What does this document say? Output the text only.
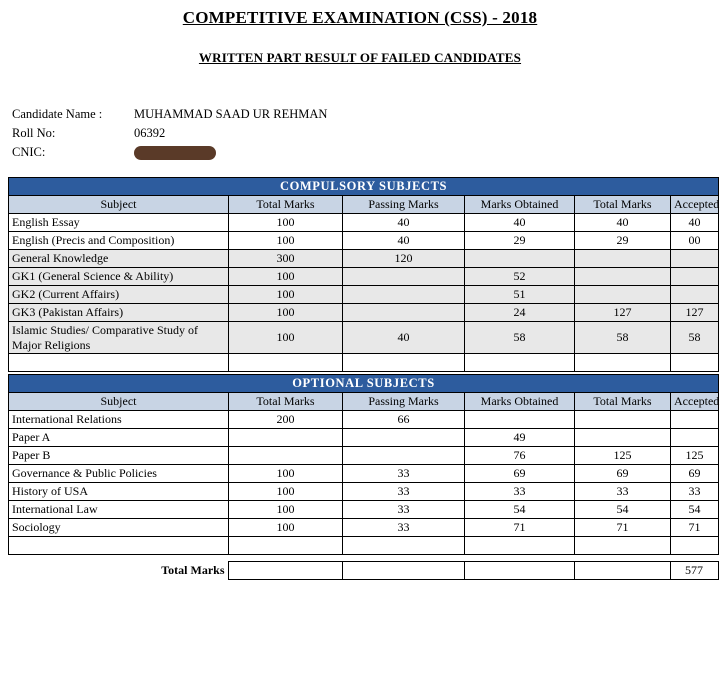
COMPETITIVE EXAMINATION (CSS) - 2018
WRITTEN PART RESULT OF FAILED CANDIDATES
Candidate Name :	MUHAMMAD SAAD UR REHMAN
Roll No:	06392
CNIC:
COMPULSORY SUBJECTS					
Subject	Total Marks	Passing Marks	Marks Obtained	Total Marks	Accepted
English Essay	100	40	40	40	40
English (Precis and Composition)	100	40	29	29	00
General Knowledge	300	120			
GK1 (General Science & Ability)	100		52		
GK2 (Current Affairs)	100		51		
GK3 (Pakistan Affairs)	100		24	127	127
Islamic Studies/ Comparative Study of Major Religions	100	40	58	58	58

OPTIONAL SUBJECTS					
Subject	Total Marks	Passing Marks	Marks Obtained	Total Marks	Accepted
International Relations	200	66			
Paper A			49		
Paper B			76	125	125
Governance & Public Policies	100	33	69	69	69
History of USA	100	33	33	33	33
International Law	100	33	54	54	54
Sociology	100	33	71	71	71

Total Marks					577
